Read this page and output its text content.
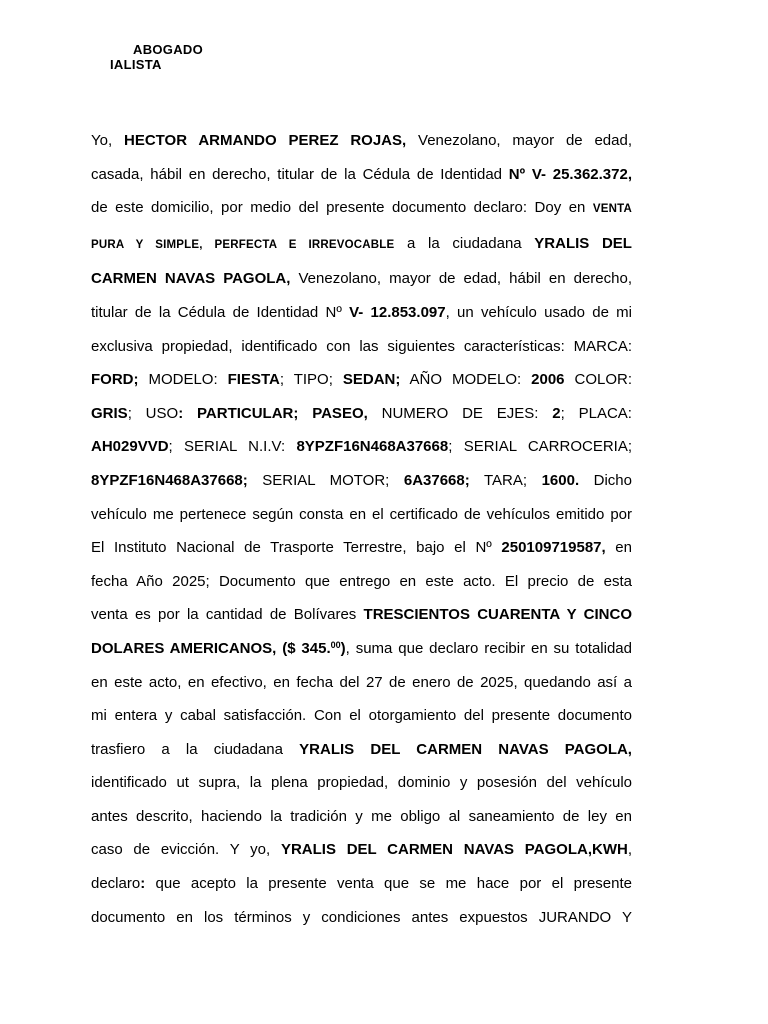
ABOGADO
IALISTA
Yo, HECTOR ARMANDO PEREZ ROJAS, Venezolano, mayor de edad,
casada, hábil en derecho, titular de la Cédula de Identidad Nº V- 25.362.372,
de este domicilio, por medio del presente documento declaro: Doy en VENTA
PURA Y SIMPLE, PERFECTA E IRREVOCABLE a la ciudadana YRALIS DEL
CARMEN NAVAS PAGOLA, Venezolano, mayor de edad, hábil en derecho,
titular de la Cédula de Identidad Nº V- 12.853.097, un vehículo usado de mi
exclusiva propiedad, identificado con las siguientes características: MARCA:
FORD; MODELO: FIESTA; TIPO; SEDAN; AÑO MODELO: 2006 COLOR:
GRIS; USO: PARTICULAR; PASEO, NUMERO DE EJES: 2; PLACA:
AH029VVD; SERIAL N.I.V: 8YPZF16N468A37668; SERIAL CARROCERIA;
8YPZF16N468A37668; SERIAL MOTOR; 6A37668; TARA; 1600. Dicho
vehículo me pertenece según consta en el certificado de vehículos emitido por
El Instituto Nacional de Trasporte Terrestre, bajo el Nº 250109719587, en
fecha Año 2025; Documento que entrego en este acto. El precio de esta
venta es por la cantidad de Bolívares TRESCIENTOS CUARENTA Y CINCO
DOLARES AMERICANOS, ($ 345.00), suma que declaro recibir en su totalidad
en este acto, en efectivo, en fecha del 27 de enero de 2025, quedando así a
mi entera y cabal satisfacción. Con el otorgamiento del presente documento
trasfiero a la ciudadana YRALIS DEL CARMEN NAVAS PAGOLA,
identificado ut supra, la plena propiedad, dominio y posesión del vehículo
antes descrito, haciendo la tradición y me obligo al saneamiento de ley en
caso de evicción. Y yo, YRALIS DEL CARMEN NAVAS PAGOLA,KWH,
declaro: que acepto la presente venta que se me hace por el presente
documento en los términos y condiciones antes expuestos JURANDO Y
